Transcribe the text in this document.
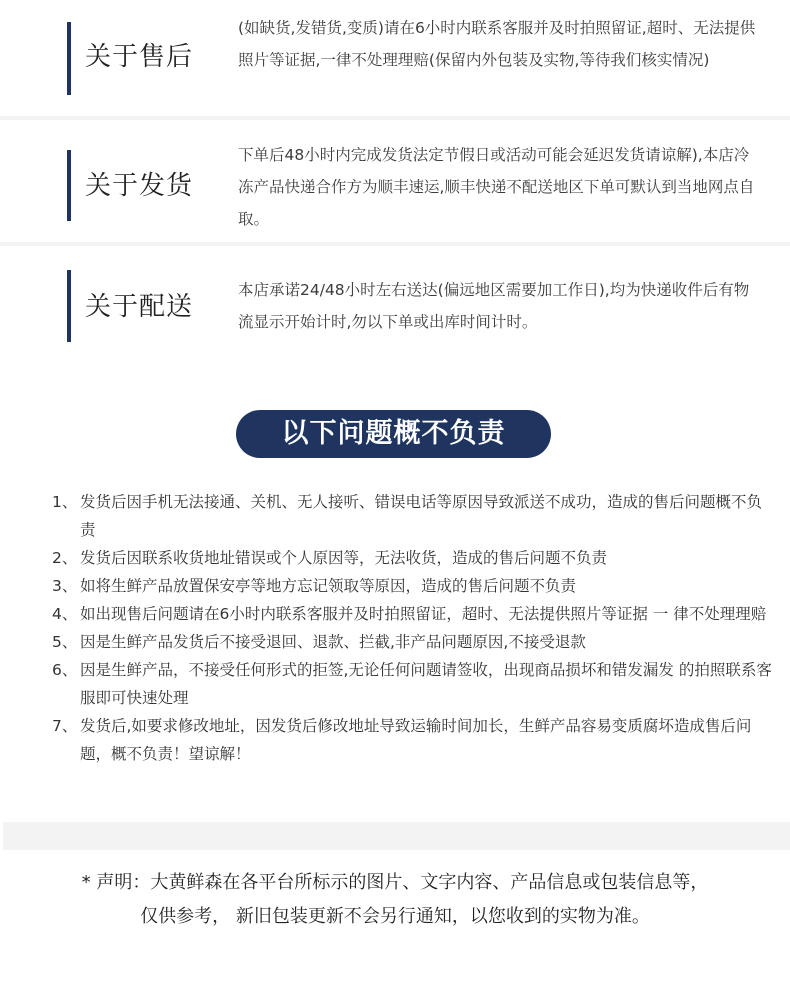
关于售后
(如缺货,发错货,变质)请在6小时内联系客服并及时拍照留证,超时、无法提供照片等证据,一律不处理理赔(保留内外包装及实物,等待我们核实情况)
关于发货
下单后48小时内完成发货法定节假日或活动可能会延迟发货请谅解),本店冷冻产品快递合作方为顺丰速运,顺丰快递不配送地区下单可默认到当地网点自取。
关于配送
本店承诺24/48小时左右送达(偏远地区需要加工作日),均为快递收件后有物流显示开始计时,勿以下单或出库时间计时。
以下问题概不负责
1、 发货后因手机无法接通、关机、无人接听、错误电话等原因导致派送不成功，造成的售后问题概不负责
2、 发货后因联系收货地址错误或个人原因等，无法收货，造成的售后问题不负责
3、 如将生鲜产品放置保安亭等地方忘记领取等原因，造成的售后问题不负责
4、 如出现售后问题请在6小时内联系客服并及时拍照留证，超时、无法提供照片等证据 一 律不处理理赔
5、 因是生鲜产品发货后不接受退回、退款、拦截,非产品问题原因,不接受退款
6、 因是生鲜产品，不接受任何形式的拒签,无论任何问题请签收，出现商品损坏和错发漏发 的拍照联系客服即可快速处理
7、 发货后,如要求修改地址，因发货后修改地址导致运输时间加长，生鲜产品容易变质腐坏造成售后问题，概不负责！望谅解！
* 声明：大黄鲜森在各平台所标示的图片、文字内容、产品信息或包装信息等，
仅供参考， 新旧包装更新不会另行通知，以您收到的实物为准。
